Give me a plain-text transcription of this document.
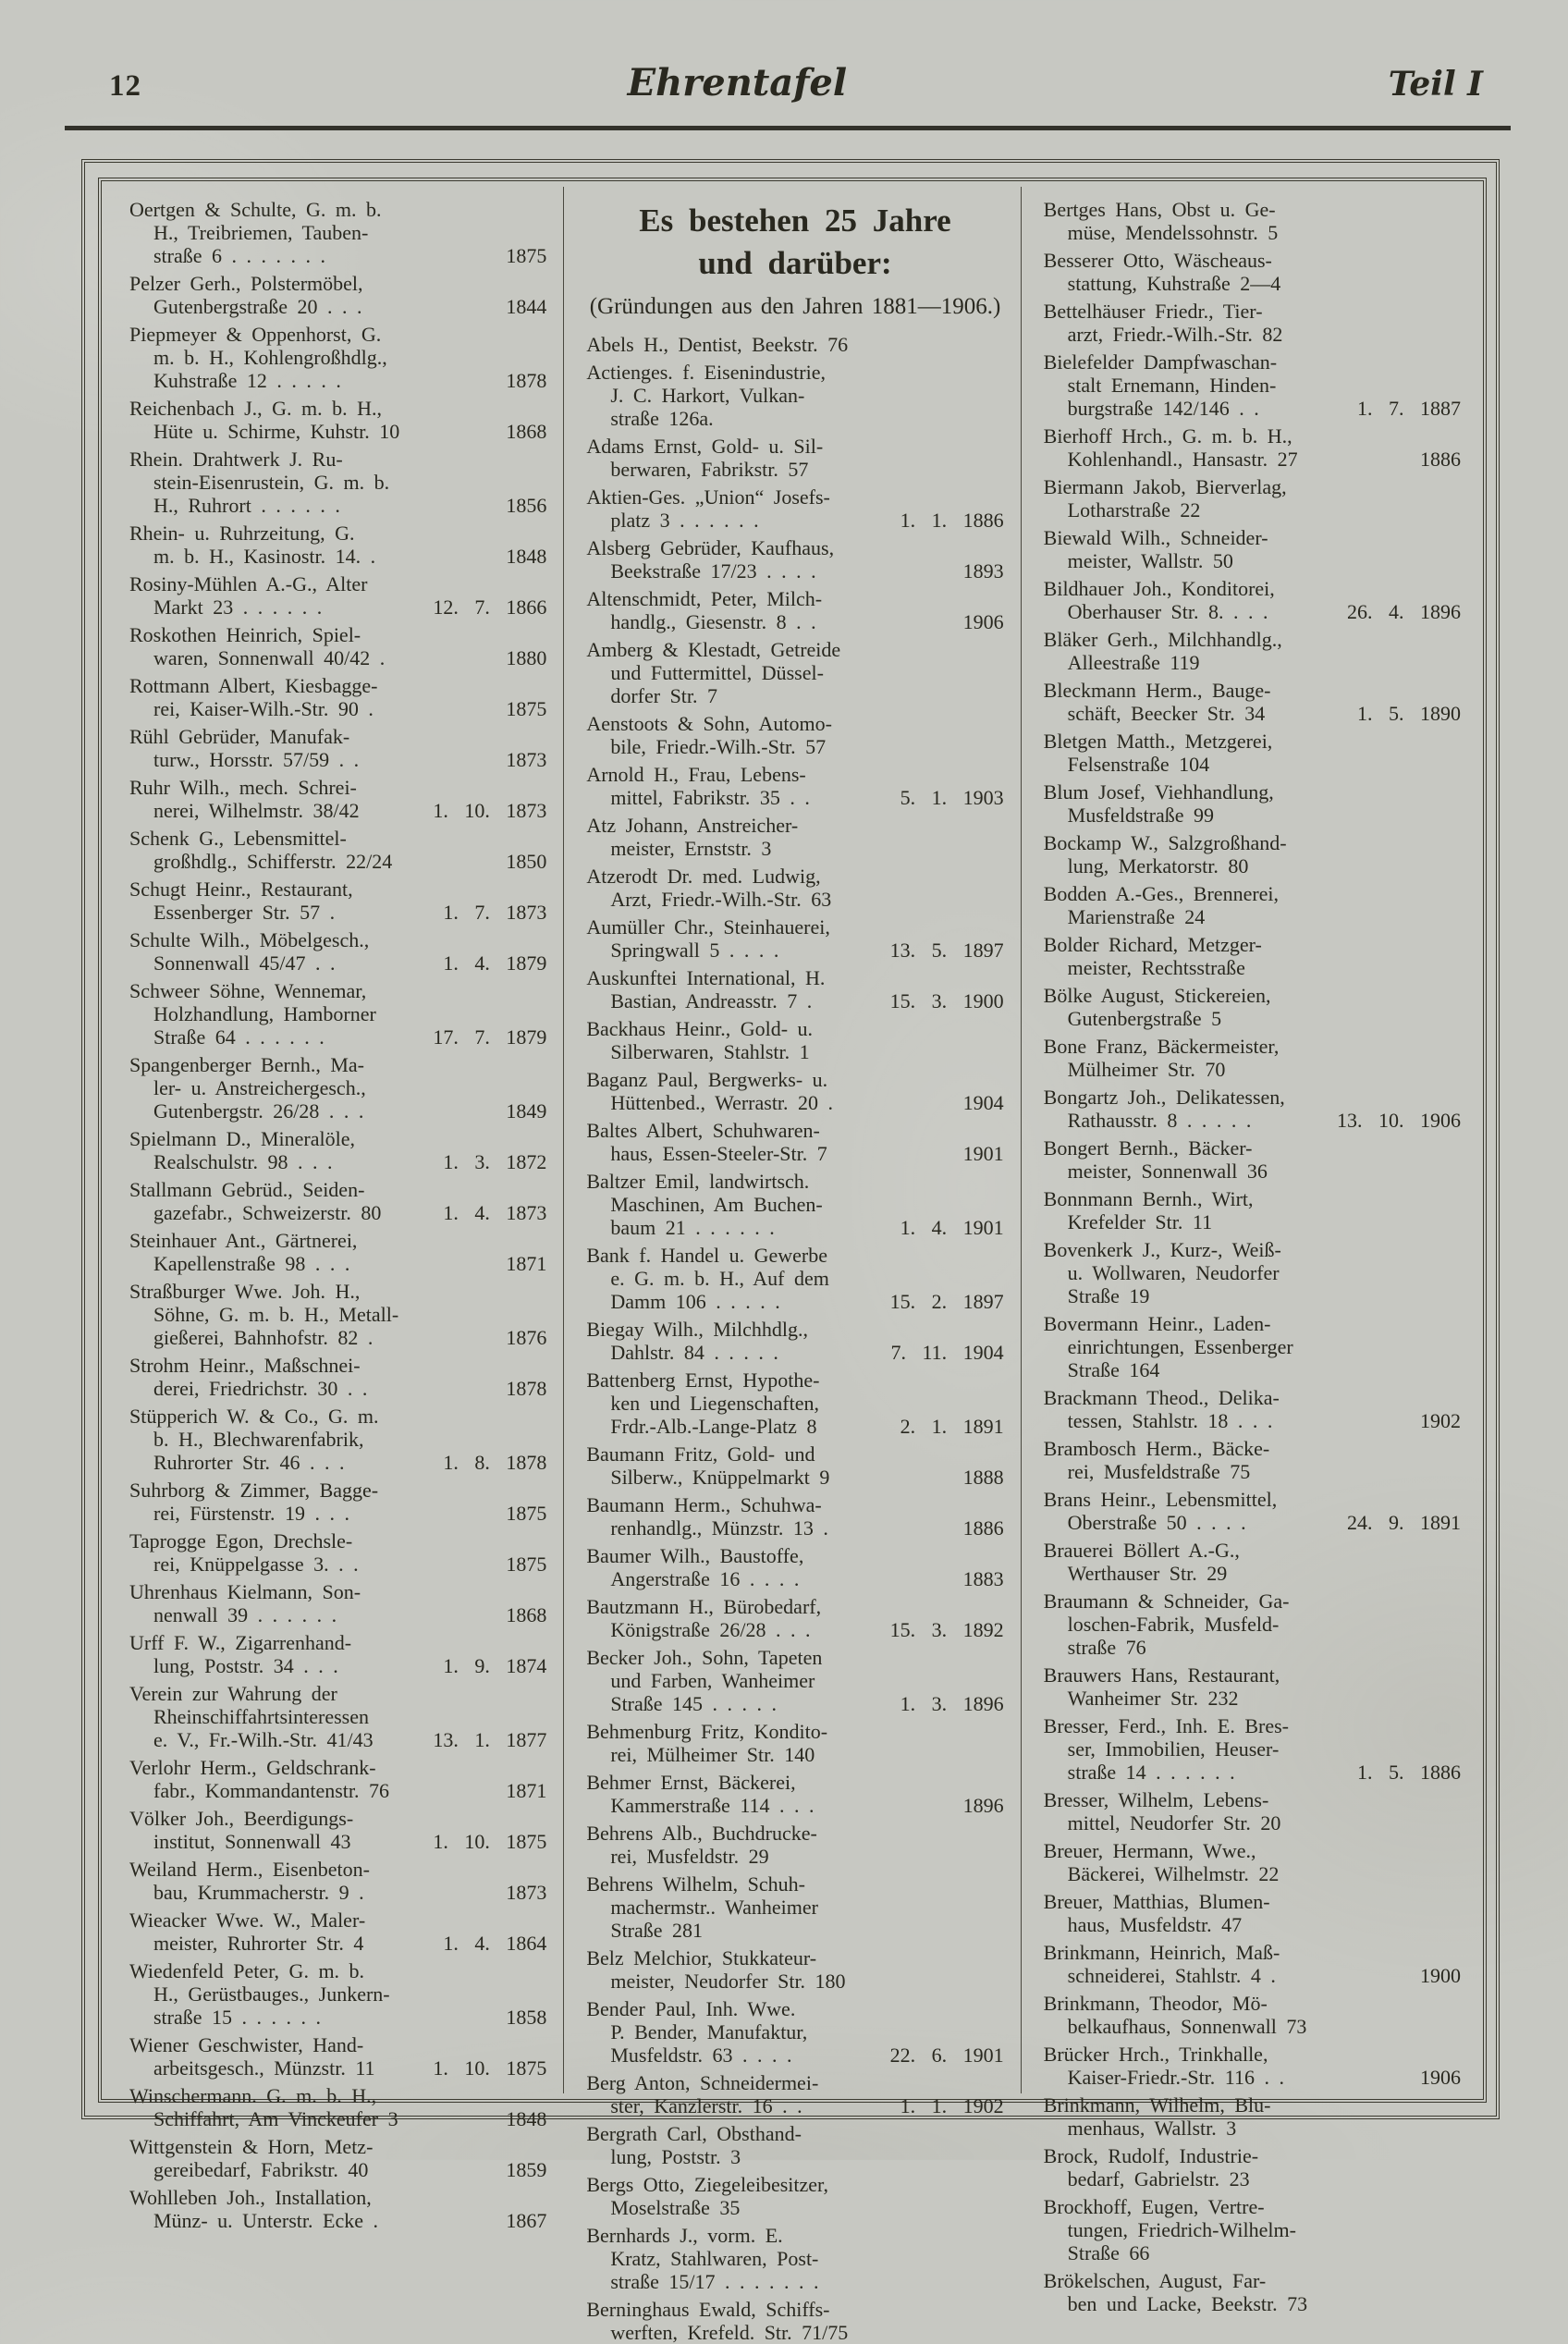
12	Ehrentafel	Teil I
Oertgen & Schulte, G. m. b.
H., Treibriemen, Tauben-
straße 6 . . . . . . .	1875
Pelzer Gerh., Polstermöbel,
Gutenbergstraße 20 . . .	1844
Piepmeyer & Oppenhorst, G.
m. b. H., Kohlengroßhdlg.,
Kuhstraße 12 . . . . .	1878
Reichenbach J., G. m. b. H.,
Hüte u. Schirme, Kuhstr. 10	1868
Rhein. Drahtwerk J. Ru-
stein-Eisenrustein, G. m. b.
H., Ruhrort . . . . . .	1856
Rhein- u. Ruhrzeitung, G.
m. b. H., Kasinostr. 14. .	1848
Rosiny-Mühlen A.-G., Alter
Markt 23 . . . . . .	12. 7. 1866
Roskothen Heinrich, Spiel-
waren, Sonnenwall 40/42 .	1880
Rottmann Albert, Kiesbagge-
rei, Kaiser-Wilh.-Str. 90 .	1875
Rühl Gebrüder, Manufak-
turw., Horsstr. 57/59 . .	1873
Ruhr Wilh., mech. Schrei-
nerei, Wilhelmstr. 38/42	1. 10. 1873
Schenk G., Lebensmittel-
großhdlg., Schifferstr. 22/24	1850
Schugt Heinr., Restaurant,
Essenberger Str. 57 .	1. 7. 1873
Schulte Wilh., Möbelgesch.,
Sonnenwall 45/47 . .	1. 4. 1879
Schweer Söhne, Wennemar,
Holzhandlung, Hamborner
Straße 64 . . . . . .	17. 7. 1879
Spangenberger Bernh., Ma-
ler- u. Anstreichergesch.,
Gutenbergstr. 26/28 . . .	1849
Spielmann D., Mineralöle,
Realschulstr. 98 . . .	1. 3. 1872
Stallmann Gebrüd., Seiden-
gazefabr., Schweizerstr. 80	1. 4. 1873
Steinhauer Ant., Gärtnerei,
Kapellenstraße 98 . . .	1871
Straßburger Wwe. Joh. H.,
Söhne, G. m. b. H., Metall-
gießerei, Bahnhofstr. 82 .	1876
Strohm Heinr., Maßschnei-
derei, Friedrichstr. 30 . .	1878
Stüpperich W. & Co., G. m.
b. H., Blechwarenfabrik,
Ruhrorter Str. 46 . . .	1. 8. 1878
Suhrborg & Zimmer, Bagge-
rei, Fürstenstr. 19 . . .	1875
Taprogge Egon, Drechsle-
rei, Knüppelgasse 3. . .	1875
Uhrenhaus Kielmann, Son-
nenwall 39 . . . . . .	1868
Urff F. W., Zigarrenhand-
lung, Poststr. 34 . . .	1. 9. 1874
Verein zur Wahrung der
Rheinschiffahrtsinteressen
e. V., Fr.-Wilh.-Str. 41/43	13. 1. 1877
Verlohr Herm., Geldschrank-
fabr., Kommandantenstr. 76	1871
Völker Joh., Beerdigungs-
institut, Sonnenwall 43	1. 10. 1875
Weiland Herm., Eisenbeton-
bau, Krummacherstr. 9 .	1873
Wieacker Wwe. W., Maler-
meister, Ruhrorter Str. 4	1. 4. 1864
Wiedenfeld Peter, G. m. b.
H., Gerüstbauges., Junkern-
straße 15 . . . . . .	1858
Wiener Geschwister, Hand-
arbeitsgesch., Münzstr. 11	1. 10. 1875
Winschermann. G. m. b. H.,
Schiffahrt, Am Vinckeufer 3	1848
Wittgenstein & Horn, Metz-
gereibedarf, Fabrikstr. 40	1859
Wohlleben Joh., Installation,
Münz- u. Unterstr. Ecke .	1867
Es bestehen 25 Jahre
und darüber:
(Gründungen aus den Jahren 1881—1906.)
Abels H., Dentist, Beekstr. 76
Actienges. f. Eisenindustrie,
J. C. Harkort, Vulkan-
straße 126a.
Adams Ernst, Gold- u. Sil-
berwaren, Fabrikstr. 57
Aktien-Ges. „Union“ Josefs-
platz 3 . . . . . .	1. 1. 1886
Alsberg Gebrüder, Kaufhaus,
Beekstraße 17/23 . . . .	1893
Altenschmidt, Peter, Milch-
handlg., Giesenstr. 8 . .	1906
Amberg & Klestadt, Getreide
und Futtermittel, Düssel-
dorfer Str. 7
Aenstoots & Sohn, Automo-
bile, Friedr.-Wilh.-Str. 57
Arnold H., Frau, Lebens-
mittel, Fabrikstr. 35 . .	5. 1. 1903
Atz Johann, Anstreicher-
meister, Ernststr. 3
Atzerodt Dr. med. Ludwig,
Arzt, Friedr.-Wilh.-Str. 63
Aumüller Chr., Steinhauerei,
Springwall 5 . . . .	13. 5. 1897
Auskunftei International, H.
Bastian, Andreasstr. 7 .	15. 3. 1900
Backhaus Heinr., Gold- u.
Silberwaren, Stahlstr. 1
Baganz Paul, Bergwerks- u.
Hüttenbed., Werrastr. 20 .	1904
Baltes Albert, Schuhwaren-
haus, Essen-Steeler-Str. 7	1901
Baltzer Emil, landwirtsch.
Maschinen, Am Buchen-
baum 21 . . . . . .	1. 4. 1901
Bank f. Handel u. Gewerbe
e. G. m. b. H., Auf dem
Damm 106 . . . . .	15. 2. 1897
Biegay Wilh., Milchhdlg.,
Dahlstr. 84 . . . . .	7. 11. 1904
Battenberg Ernst, Hypothe-
ken und Liegenschaften,
Frdr.-Alb.-Lange-Platz 8	2. 1. 1891
Baumann Fritz, Gold- und
Silberw., Knüppelmarkt 9	1888
Baumann Herm., Schuhwa-
renhandlg., Münzstr. 13 .	1886
Baumer Wilh., Baustoffe,
Angerstraße 16 . . . .	1883
Bautzmann H., Bürobedarf,
Königstraße 26/28 . . .	15. 3. 1892
Becker Joh., Sohn, Tapeten
und Farben, Wanheimer
Straße 145 . . . . .	1. 3. 1896
Behmenburg Fritz, Kondito-
rei, Mülheimer Str. 140
Behmer Ernst, Bäckerei,
Kammerstraße 114 . . .	1896
Behrens Alb., Buchdrucke-
rei, Musfeldstr. 29
Behrens Wilhelm, Schuh-
machermstr.. Wanheimer
Straße 281
Belz Melchior, Stukkateur-
meister, Neudorfer Str. 180
Bender Paul, Inh. Wwe.
P. Bender, Manufaktur,
Musfeldstr. 63 . . . .	22. 6. 1901
Berg Anton, Schneidermei-
ster, Kanzlerstr. 16 . .	1. 1. 1902
Bergrath Carl, Obsthand-
lung, Poststr. 3
Bergs Otto, Ziegeleibesitzer,
Moselstraße 35
Bernhards J., vorm. E.
Kratz, Stahlwaren, Post-
straße 15/17 . . . . . . .
Berninghaus Ewald, Schiffs-
werften, Krefeld. Str. 71/75
Bertges Hans, Obst u. Ge-
müse, Mendelssohnstr. 5
Besserer Otto, Wäscheaus-
stattung, Kuhstraße 2—4
Bettelhäuser Friedr., Tier-
arzt, Friedr.-Wilh.-Str. 82
Bielefelder Dampfwaschan-
stalt Ernemann, Hinden-
burgstraße 142/146 . .	1. 7. 1887
Bierhoff Hrch., G. m. b. H.,
Kohlenhandl., Hansastr. 27	1886
Biermann Jakob, Bierverlag,
Lotharstraße 22
Biewald Wilh., Schneider-
meister, Wallstr. 50
Bildhauer Joh., Konditorei,
Oberhauser Str. 8. . . .	26. 4. 1896
Bläker Gerh., Milchhandlg.,
Alleestraße 119
Bleckmann Herm., Bauge-
schäft, Beecker Str. 34	1. 5. 1890
Bletgen Matth., Metzgerei,
Felsenstraße 104
Blum Josef, Viehhandlung,
Musfeldstraße 99
Bockamp W., Salzgroßhand-
lung, Merkatorstr. 80
Bodden A.-Ges., Brennerei,
Marienstraße 24
Bolder Richard, Metzger-
meister, Rechtsstraße
Bölke August, Stickereien,
Gutenbergstraße 5
Bone Franz, Bäckermeister,
Mülheimer Str. 70
Bongartz Joh., Delikatessen,
Rathausstr. 8 . . . . .	13. 10. 1906
Bongert Bernh., Bäcker-
meister, Sonnenwall 36
Bonnmann Bernh., Wirt,
Krefelder Str. 11
Bovenkerk J., Kurz-, Weiß-
u. Wollwaren, Neudorfer
Straße 19
Bovermann Heinr., Laden-
einrichtungen, Essenberger
Straße 164
Brackmann Theod., Delika-
tessen, Stahlstr. 18 . . .	1902
Brambosch Herm., Bäcke-
rei, Musfeldstraße 75
Brans Heinr., Lebensmittel,
Oberstraße 50 . . . .	24. 9. 1891
Brauerei Böllert A.-G.,
Werthauser Str. 29
Braumann & Schneider, Ga-
loschen-Fabrik, Musfeld-
straße 76
Brauwers Hans, Restaurant,
Wanheimer Str. 232
Bresser, Ferd., Inh. E. Bres-
ser, Immobilien, Heuser-
straße 14 . . . . . .	1. 5. 1886
Bresser, Wilhelm, Lebens-
mittel, Neudorfer Str. 20
Breuer, Hermann, Wwe.,
Bäckerei, Wilhelmstr. 22
Breuer, Matthias, Blumen-
haus, Musfeldstr. 47
Brinkmann, Heinrich, Maß-
schneiderei, Stahlstr. 4 .	1900
Brinkmann, Theodor, Mö-
belkaufhaus, Sonnenwall 73
Brücker Hrch., Trinkhalle,
Kaiser-Friedr.-Str. 116 . .	1906
Brinkmann, Wilhelm, Blu-
menhaus, Wallstr. 3
Brock, Rudolf, Industrie-
bedarf, Gabrielstr. 23
Brockhoff, Eugen, Vertre-
tungen, Friedrich-Wilhelm-
Straße 66
Brökelschen, August, Far-
ben und Lacke, Beekstr. 73
